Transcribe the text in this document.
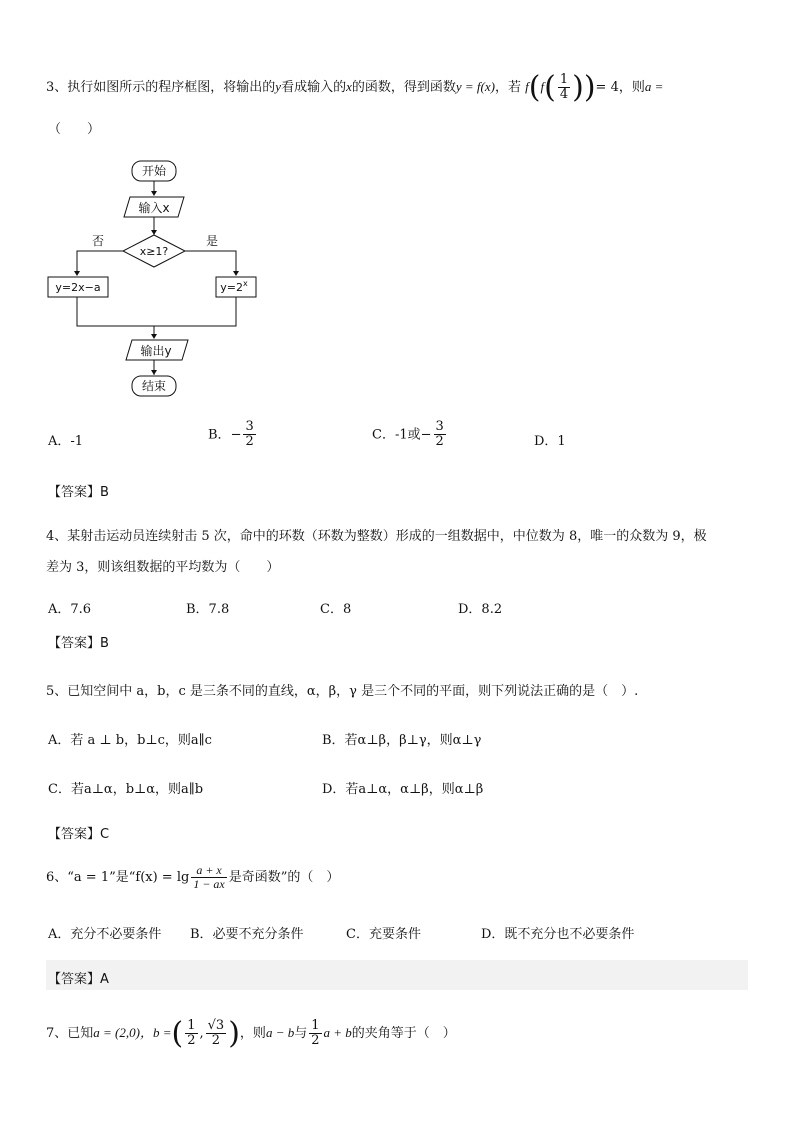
3、执行如图所示的程序框图，将输出的y看成输入的x的函数，得到函数y = f(x)，若 $f(f( \frac{1}{4}$ ))= 4，则a =
（　　）
开始
输入x
x≥1?
否	是
y=2x−a	$y=2^x$
输出y
结束
A．-1	B．− $\frac{3}{2}$	C．-1或− $\frac{3}{2}$	D．1
【答案】B
4、某射击运动员连续射击 5 次，命中的环数（环数为整数）形成的一组数据中，中位数为 8，唯一的众数为 9，极
差为 3，则该组数据的平均数为（　　）
A．7.6	B．7.8	C．8	D．8.2
【答案】B
5、已知空间中 a，b，c 是三条不同的直线，α，β，γ 是三个不同的平面，则下列说法正确的是（　）.
A．若 a ⊥ b，b⊥c，则a∥c	B．若α⊥β，β⊥γ，则α⊥γ
C．若a⊥α，b⊥α，则a∥b	D．若a⊥α，α⊥β，则α⊥β
【答案】C
6、“a = 1”是“$f(x) = \lg \frac{a + x}{1 - ax}$ 是奇函数”的（　）
A．充分不必要条件 B．必要不充分条件	C．充要条件	D．既不充分也不必要条件
【答案】A
7、已知a = (2,0)，b =( $\frac{1}{2}$ , $\frac{√3}{2}$ )，则a − b与 $\frac{1}{2}$ a + b的夹角等于（　）
